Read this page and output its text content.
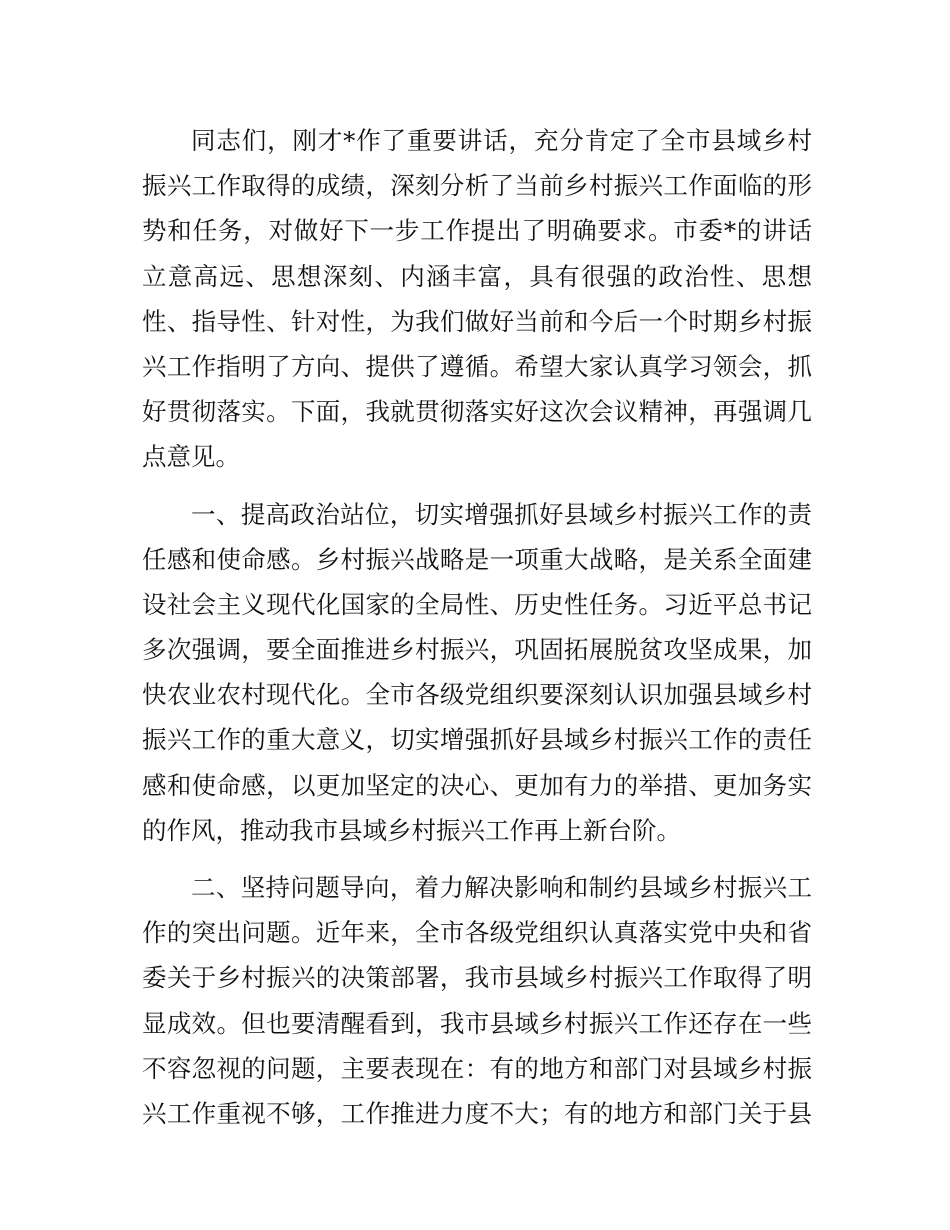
同志们，刚才*作了重要讲话，充分肯定了全市县域乡村
振兴工作取得的成绩，深刻分析了当前乡村振兴工作面临的形
势和任务，对做好下一步工作提出了明确要求。市委*的讲话
立意高远、思想深刻、内涵丰富，具有很强的政治性、思想
性、指导性、针对性，为我们做好当前和今后一个时期乡村振
兴工作指明了方向、提供了遵循。希望大家认真学习领会，抓
好贯彻落实。下面，我就贯彻落实好这次会议精神，再强调几
点意见。
一、提高政治站位，切实增强抓好县域乡村振兴工作的责
任感和使命感。乡村振兴战略是一项重大战略，是关系全面建
设社会主义现代化国家的全局性、历史性任务。习近平总书记
多次强调，要全面推进乡村振兴，巩固拓展脱贫攻坚成果，加
快农业农村现代化。全市各级党组织要深刻认识加强县域乡村
振兴工作的重大意义，切实增强抓好县域乡村振兴工作的责任
感和使命感，以更加坚定的决心、更加有力的举措、更加务实
的作风，推动我市县域乡村振兴工作再上新台阶。
二、坚持问题导向，着力解决影响和制约县域乡村振兴工
作的突出问题。近年来，全市各级党组织认真落实党中央和省
委关于乡村振兴的决策部署，我市县域乡村振兴工作取得了明
显成效。但也要清醒看到，我市县域乡村振兴工作还存在一些
不容忽视的问题，主要表现在：有的地方和部门对县域乡村振
兴工作重视不够，工作推进力度不大；有的地方和部门关于县
